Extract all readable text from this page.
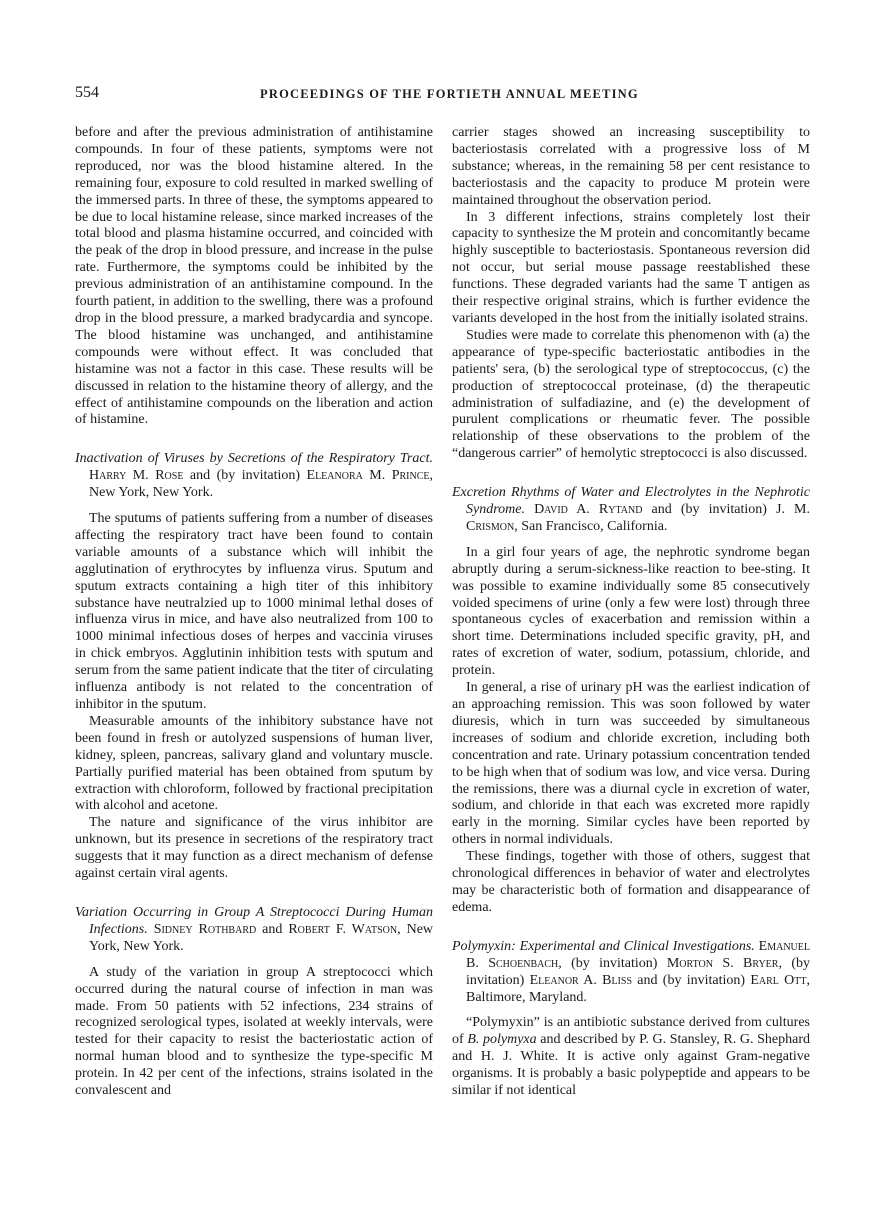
554	PROCEEDINGS OF THE FORTIETH ANNUAL MEETING

before and after the previous administration of antihistamine compounds. In four of these patients, symptoms were not reproduced, nor was the blood histamine altered. In the remaining four, exposure to cold resulted in marked swelling of the immersed parts. In three of these, the symptoms appeared to be due to local histamine release, since marked increases of the total blood and plasma histamine occurred, and coincided with the peak of the drop in blood pressure, and increase in the pulse rate. Furthermore, the symptoms could be inhibited by the previous administration of an antihistamine compound. In the fourth patient, in addition to the swelling, there was a profound drop in the blood pressure, a marked bradycardia and syncope. The blood histamine was unchanged, and antihistamine compounds were without effect. It was concluded that histamine was not a factor in this case. These results will be discussed in relation to the histamine theory of allergy, and the effect of antihistamine compounds on the liberation and action of histamine.

Inactivation of Viruses by Secretions of the Respiratory Tract. Harry M. Rose and (by invitation) Eleanora M. Prince, New York, New York.

The sputums of patients suffering from a number of diseases affecting the respiratory tract have been found to contain variable amounts of a substance which will inhibit the agglutination of erythrocytes by influenza virus. Sputum and sputum extracts containing a high titer of this inhibitory substance have neutralzied up to 1000 minimal lethal doses of influenza virus in mice, and have also neutralized from 100 to 1000 minimal infectious doses of herpes and vaccinia viruses in chick embryos. Agglutinin inhibition tests with sputum and serum from the same patient indicate that the titer of circulating influenza antibody is not related to the concentration of inhibitor in the sputum.

Measurable amounts of the inhibitory substance have not been found in fresh or autolyzed suspensions of human liver, kidney, spleen, pancreas, salivary gland and voluntary muscle. Partially purified material has been obtained from sputum by extraction with chloroform, followed by fractional precipitation with alcohol and acetone.

The nature and significance of the virus inhibitor are unknown, but its presence in secretions of the respiratory tract suggests that it may function as a direct mechanism of defense against certain viral agents.

Variation Occurring in Group A Streptococci During Human Infections. Sidney Rothbard and Robert F. Watson, New York, New York.

A study of the variation in group A streptococci which occurred during the natural course of infection in man was made. From 50 patients with 52 infections, 234 strains of recognized serological types, isolated at weekly intervals, were tested for their capacity to resist the bacteriostatic action of normal human blood and to synthesize the type-specific M protein. In 42 per cent of the infections, strains isolated in the convalescent and

carrier stages showed an increasing susceptibility to bacteriostasis correlated with a progressive loss of M substance; whereas, in the remaining 58 per cent resistance to bacteriostasis and the capacity to produce M protein were maintained throughout the observation period.

In 3 different infections, strains completely lost their capacity to synthesize the M protein and concomitantly became highly susceptible to bacteriostasis. Spontaneous reversion did not occur, but serial mouse passage reestablished these functions. These degraded variants had the same T antigen as their respective original strains, which is further evidence the variants developed in the host from the initially isolated strains.

Studies were made to correlate this phenomenon with (a) the appearance of type-specific bacteriostatic antibodies in the patients' sera, (b) the serological type of streptococcus, (c) the production of streptococcal proteinase, (d) the therapeutic administration of sulfadiazine, and (e) the development of purulent complications or rheumatic fever. The possible relationship of these observations to the problem of the “dangerous carrier” of hemolytic streptococci is also discussed.

Excretion Rhythms of Water and Electrolytes in the Nephrotic Syndrome. David A. Rytand and (by invitation) J. M. Crismon, San Francisco, California.

In a girl four years of age, the nephrotic syndrome began abruptly during a serum-sickness-like reaction to bee-sting. It was possible to examine individually some 85 consecutively voided specimens of urine (only a few were lost) through three spontaneous cycles of exacerbation and remission within a short time. Determinations included specific gravity, pH, and rates of excretion of water, sodium, potassium, chloride, and protein.

In general, a rise of urinary pH was the earliest indication of an approaching remission. This was soon followed by water diuresis, which in turn was succeeded by simultaneous increases of sodium and chloride excretion, including both concentration and rate. Urinary potassium concentration tended to be high when that of sodium was low, and vice versa. During the remissions, there was a diurnal cycle in excretion of water, sodium, and chloride in that each was excreted more rapidly early in the morning. Similar cycles have been reported by others in normal individuals.

These findings, together with those of others, suggest that chronological differences in behavior of water and electrolytes may be characteristic both of formation and disappearance of edema.

Polymyxin: Experimental and Clinical Investigations. Emanuel B. Schoenbach, (by invitation) Morton S. Bryer, (by invitation) Eleanor A. Bliss and (by invitation) Earl Ott, Baltimore, Maryland.

“Polymyxin” is an antibiotic substance derived from cultures of B. polymyxa and described by P. G. Stansley, R. G. Shephard and H. J. White. It is active only against Gram-negative organisms. It is probably a basic polypeptide and appears to be similar if not identical
